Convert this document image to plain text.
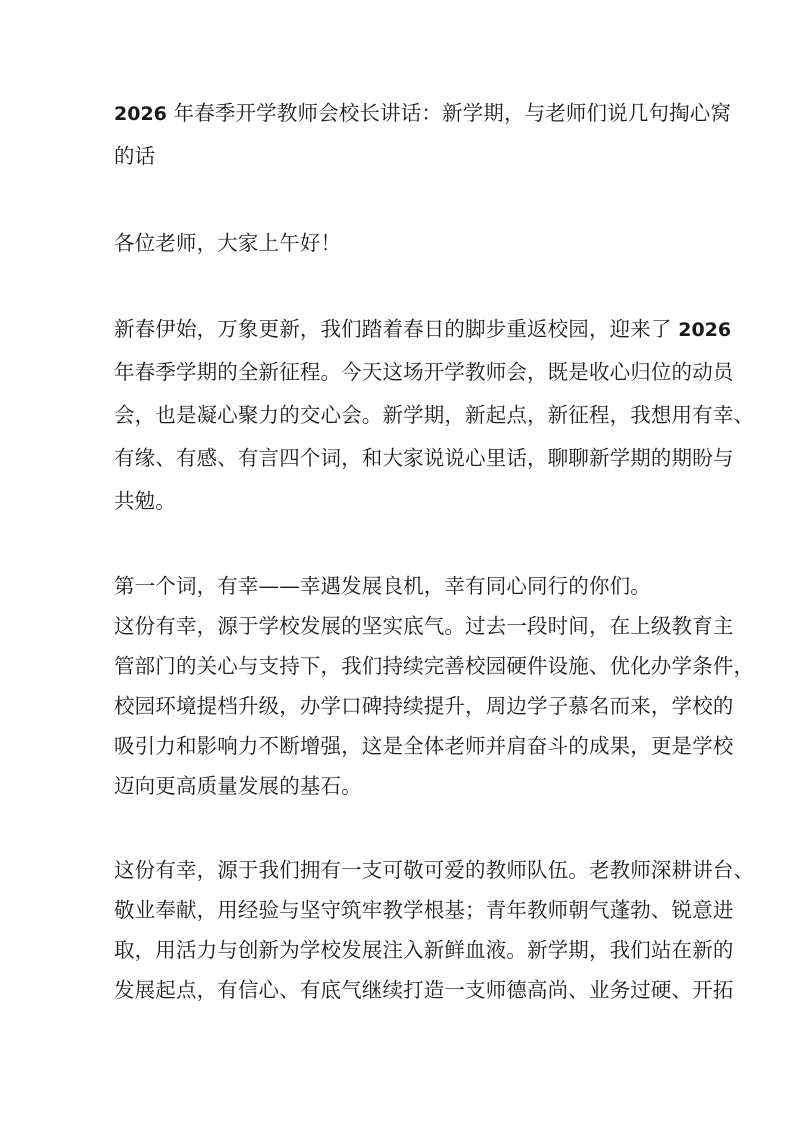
2026 年春季开学教师会校长讲话：新学期，与老师们说几句掏心窝
的话
各位老师，大家上午好！
新春伊始，万象更新，我们踏着春日的脚步重返校园，迎来了 2026
年春季学期的全新征程。今天这场开学教师会，既是收心归位的动员
会，也是凝心聚力的交心会。新学期，新起点，新征程，我想用有幸、
有缘、有感、有言四个词，和大家说说心里话，聊聊新学期的期盼与
共勉。
第一个词，有幸——幸遇发展良机，幸有同心同行的你们。
这份有幸，源于学校发展的坚实底气。过去一段时间，在上级教育主
管部门的关心与支持下，我们持续完善校园硬件设施、优化办学条件，
校园环境提档升级，办学口碑持续提升，周边学子慕名而来，学校的
吸引力和影响力不断增强，这是全体老师并肩奋斗的成果，更是学校
迈向更高质量发展的基石。
这份有幸，源于我们拥有一支可敬可爱的教师队伍。老教师深耕讲台、
敬业奉献，用经验与坚守筑牢教学根基；青年教师朝气蓬勃、锐意进
取，用活力与创新为学校发展注入新鲜血液。新学期，我们站在新的
发展起点，有信心、有底气继续打造一支师德高尚、业务过硬、开拓
